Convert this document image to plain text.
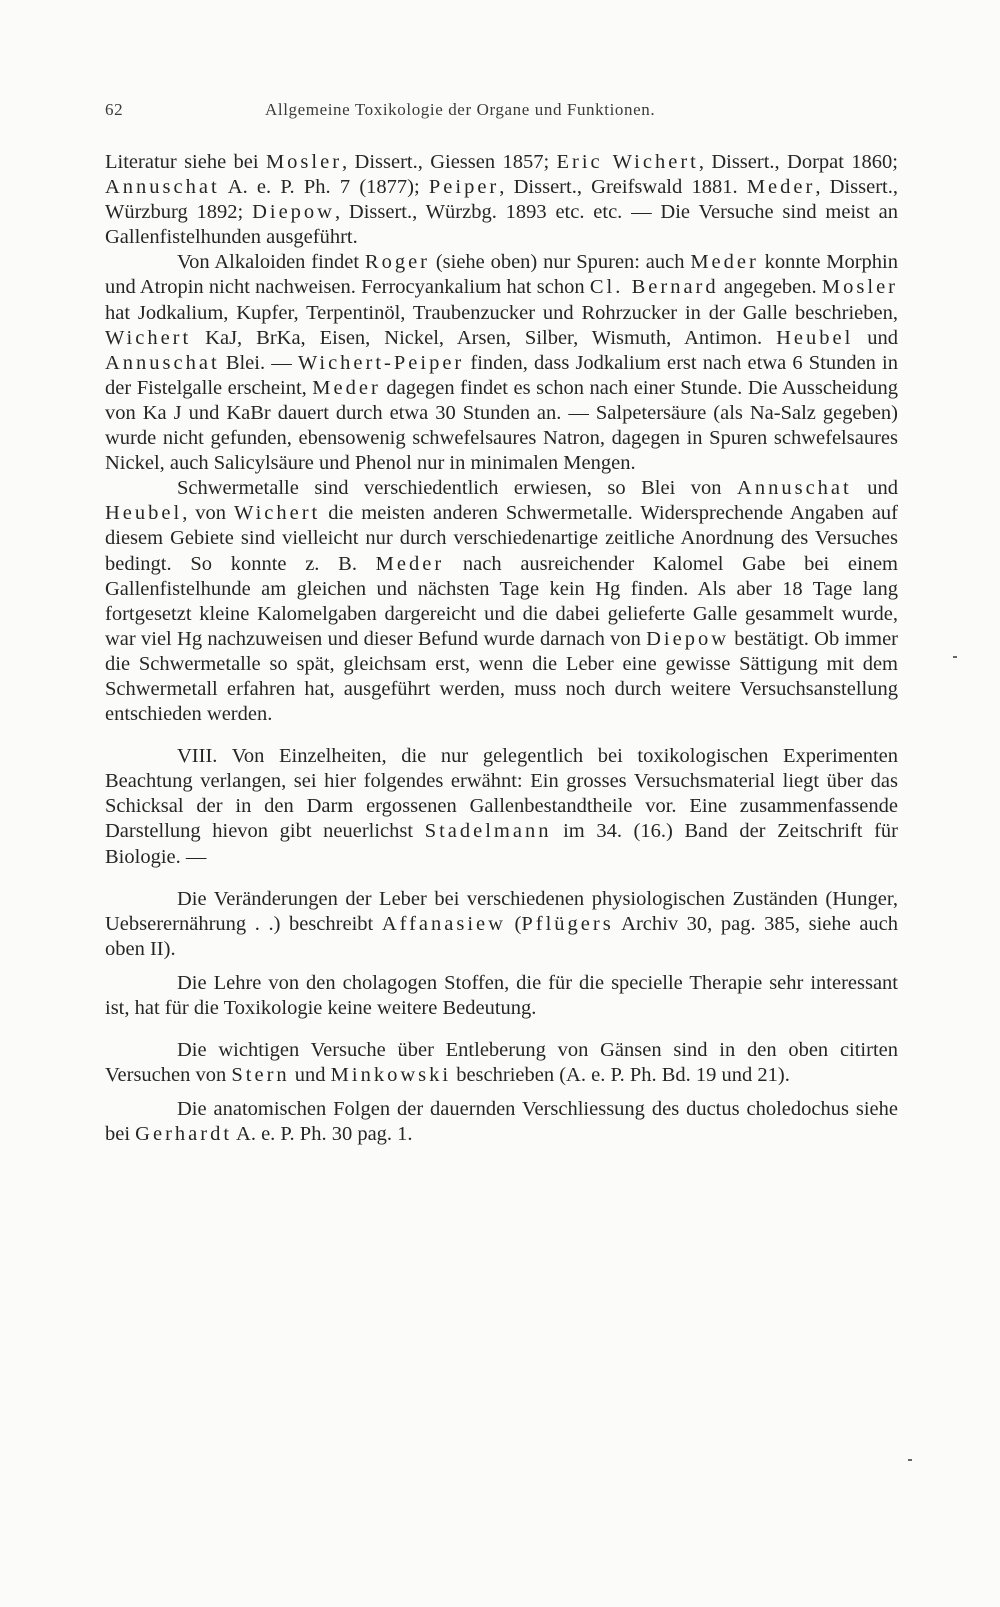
62	Allgemeine Toxikologie der Organe und Funktionen.

Literatur siehe bei Mosler, Dissert., Giessen 1857; Eric Wichert, Dissert., Dorpat 1860; Annuschat A. e. P. Ph. 7 (1877); Peiper, Dissert., Greifswald 1881. Meder, Dissert., Würzburg 1892; Diepow, Dissert., Würzbg. 1893 etc. etc. — Die Versuche sind meist an Gallenfistelhunden ausgeführt.

Von Alkaloiden findet Roger (siehe oben) nur Spuren: auch Meder konnte Morphin und Atropin nicht nachweisen. Ferrocyankalium hat schon Cl. Bernard angegeben. Mosler hat Jodkalium, Kupfer, Terpentinöl, Traubenzucker und Rohrzucker in der Galle beschrieben, Wichert KaJ, BrKa, Eisen, Nickel, Arsen, Silber, Wismuth, Antimon. Heubel und Annuschat Blei. — Wichert-Peiper finden, dass Jodkalium erst nach etwa 6 Stunden in der Fistelgalle erscheint, Meder dagegen findet es schon nach einer Stunde. Die Ausscheidung von Ka J und KaBr dauert durch etwa 30 Stunden an. — Salpetersäure (als Na-Salz gegeben) wurde nicht gefunden, ebensowenig schwefelsaures Natron, dagegen in Spuren schwefelsaures Nickel, auch Salicylsäure und Phenol nur in minimalen Mengen.

Schwermetalle sind verschiedentlich erwiesen, so Blei von Annuschat und Heubel, von Wichert die meisten anderen Schwermetalle. Widersprechende Angaben auf diesem Gebiete sind vielleicht nur durch verschiedenartige zeitliche Anordnung des Versuches bedingt. So konnte z. B. Meder nach ausreichender Kalomel Gabe bei einem Gallenfistelhunde am gleichen und nächsten Tage kein Hg finden. Als aber 18 Tage lang fortgesetzt kleine Kalomelgaben dargereicht und die dabei gelieferte Galle gesammelt wurde, war viel Hg nachzuweisen und dieser Befund wurde darnach von Diepow bestätigt. Ob immer die Schwermetalle so spät, gleichsam erst, wenn die Leber eine gewisse Sättigung mit dem Schwermetall erfahren hat, ausgeführt werden, muss noch durch weitere Versuchsanstellung entschieden werden.

VIII. Von Einzelheiten, die nur gelegentlich bei toxikologischen Experimenten Beachtung verlangen, sei hier folgendes erwähnt: Ein grosses Versuchsmaterial liegt über das Schicksal der in den Darm ergossenen Gallenbestandtheile vor. Eine zusammenfassende Darstellung hievon gibt neuerlichst Stadelmann im 34. (16.) Band der Zeitschrift für Biologie. —

Die Veränderungen der Leber bei verschiedenen physiologischen Zuständen (Hunger, Uebserernährung . .) beschreibt Affanasiew (Pflügers Archiv 30, pag. 385, siehe auch oben II).

Die Lehre von den cholagogen Stoffen, die für die specielle Therapie sehr interessant ist, hat für die Toxikologie keine weitere Bedeutung.

Die wichtigen Versuche über Entleberung von Gänsen sind in den oben citirten Versuchen von Stern und Minkowski beschrieben (A. e. P. Ph. Bd. 19 und 21).

Die anatomischen Folgen der dauernden Verschliessung des ductus choledochus siehe bei Gerhardt A. e. P. Ph. 30 pag. 1.
